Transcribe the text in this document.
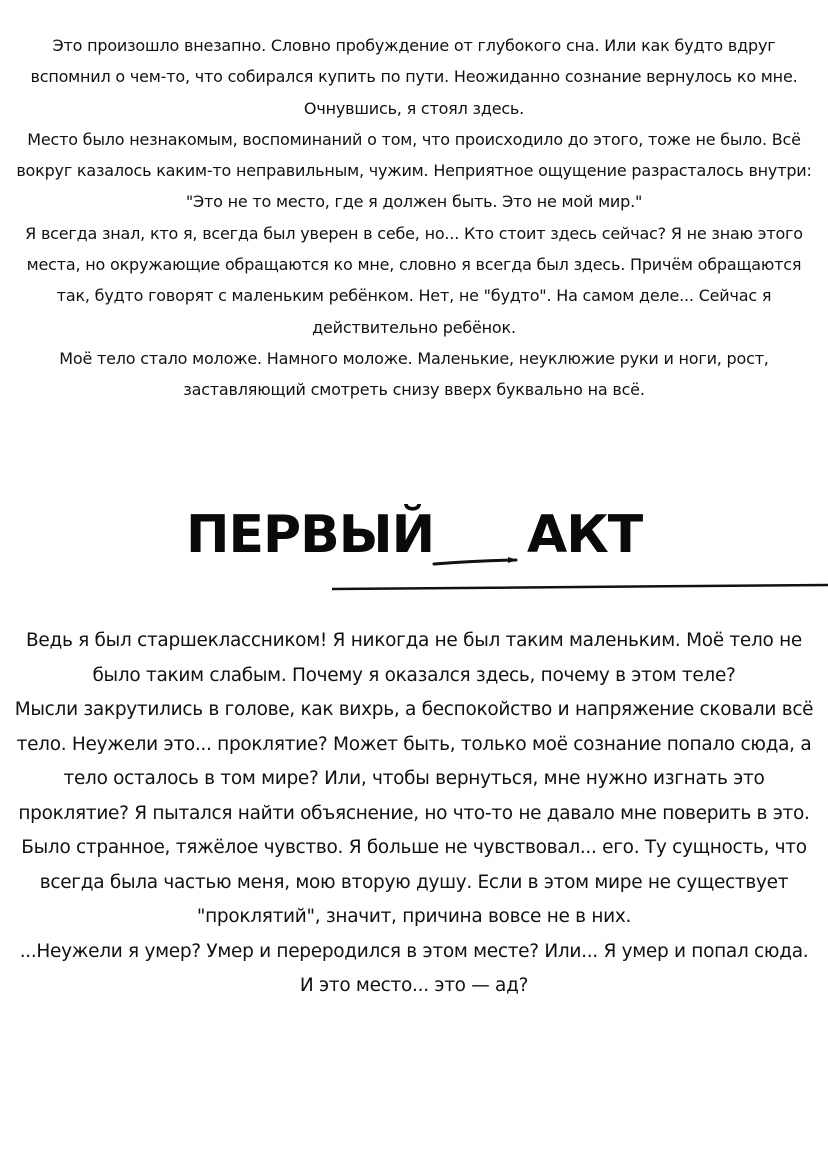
Это произошло внезапно. Словно пробуждение от глубокого сна. Или как будто вдруг вспомнил о чем-то, что собирался купить по пути. Неожиданно сознание вернулось ко мне. Очнувшись, я стоял здесь.

Место было незнакомым, воспоминаний о том, что происходило до этого, тоже не было. Всё вокруг казалось каким-то неправильным, чужим. Неприятное ощущение разрасталось внутри: "Это не то место, где я должен быть. Это не мой мир."

Я всегда знал, кто я, всегда был уверен в себе, но... Кто стоит здесь сейчас? Я не знаю этого места, но окружающие обращаются ко мне, словно я всегда был здесь. Причём обращаются так, будто говорят с маленьким ребёнком. Нет, не "будто". На самом деле... Сейчас я действительно ребёнок.

Моё тело стало моложе. Намного моложе. Маленькие, неуклюжие руки и ноги, рост, заставляющий смотреть снизу вверх буквально на всё.

ПЕРВЫЙ АКТ

Ведь я был старшеклассником! Я никогда не был таким маленьким. Моё тело не было таким слабым. Почему я оказался здесь, почему в этом теле?

Мысли закрутились в голове, как вихрь, а беспокойство и напряжение сковали всё тело. Неужели это... проклятие? Может быть, только моё сознание попало сюда, а тело осталось в том мире? Или, чтобы вернуться, мне нужно изгнать это проклятие? Я пытался найти объяснение, но что-то не давало мне поверить в это. Было странное, тяжёлое чувство. Я больше не чувствовал... его. Ту сущность, что всегда была частью меня, мою вторую душу. Если в этом мире не существует "проклятий", значит, причина вовсе не в них.

...Неужели я умер? Умер и переродился в этом месте? Или... Я умер и попал сюда. И это место... это — ад?
